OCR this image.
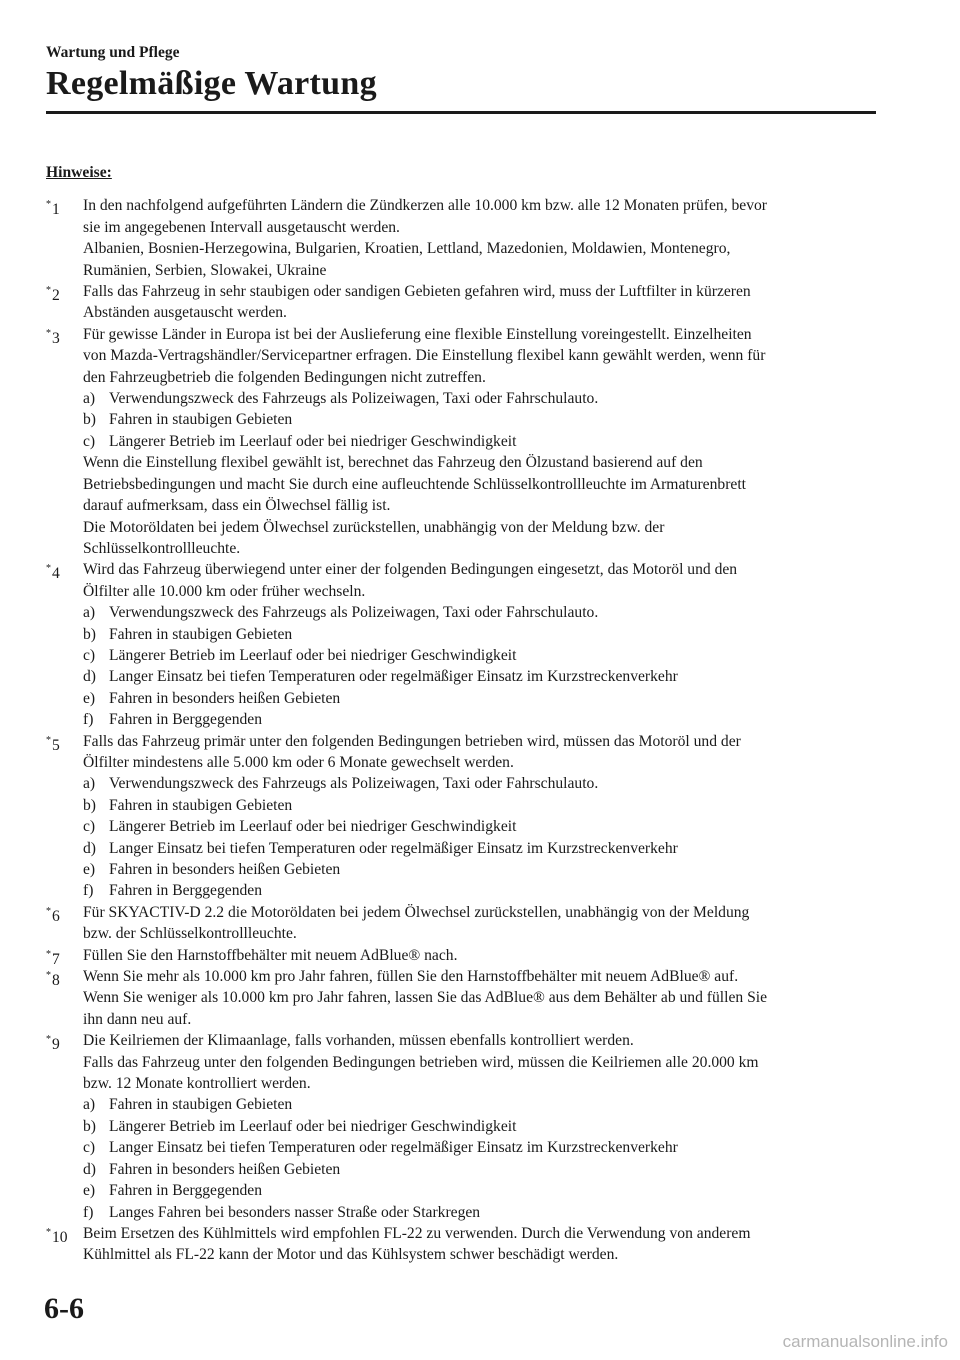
Wartung und Pflege
Regelmäßige Wartung
Hinweise:
*1 In den nachfolgend aufgeführten Ländern die Zündkerzen alle 10.000 km bzw. alle 12 Monaten prüfen, bevor
sie im angegebenen Intervall ausgetauscht werden.
Albanien, Bosnien-Herzegowina, Bulgarien, Kroatien, Lettland, Mazedonien, Moldawien, Montenegro,
Rumänien, Serbien, Slowakei, Ukraine
*2 Falls das Fahrzeug in sehr staubigen oder sandigen Gebieten gefahren wird, muss der Luftfilter in kürzeren
Abständen ausgetauscht werden.
*3 Für gewisse Länder in Europa ist bei der Auslieferung eine flexible Einstellung voreingestellt. Einzelheiten
von Mazda-Vertragshändler/Servicepartner erfragen. Die Einstellung flexibel kann gewählt werden, wenn für
den Fahrzeugbetrieb die folgenden Bedingungen nicht zutreffen.
a) Verwendungszweck des Fahrzeugs als Polizeiwagen, Taxi oder Fahrschulauto.
b) Fahren in staubigen Gebieten
c) Längerer Betrieb im Leerlauf oder bei niedriger Geschwindigkeit
Wenn die Einstellung flexibel gewählt ist, berechnet das Fahrzeug den Ölzustand basierend auf den
Betriebsbedingungen und macht Sie durch eine aufleuchtende Schlüsselkontrollleuchte im Armaturenbrett
darauf aufmerksam, dass ein Ölwechsel fällig ist.
Die Motoröldaten bei jedem Ölwechsel zurückstellen, unabhängig von der Meldung bzw. der
Schlüsselkontrollleuchte.
*4 Wird das Fahrzeug überwiegend unter einer der folgenden Bedingungen eingesetzt, das Motoröl und den
Ölfilter alle 10.000 km oder früher wechseln.
a) Verwendungszweck des Fahrzeugs als Polizeiwagen, Taxi oder Fahrschulauto.
b) Fahren in staubigen Gebieten
c) Längerer Betrieb im Leerlauf oder bei niedriger Geschwindigkeit
d) Langer Einsatz bei tiefen Temperaturen oder regelmäßiger Einsatz im Kurzstreckenverkehr
e) Fahren in besonders heißen Gebieten
f) Fahren in Berggegenden
*5 Falls das Fahrzeug primär unter den folgenden Bedingungen betrieben wird, müssen das Motoröl und der
Ölfilter mindestens alle 5.000 km oder 6 Monate gewechselt werden.
a) Verwendungszweck des Fahrzeugs als Polizeiwagen, Taxi oder Fahrschulauto.
b) Fahren in staubigen Gebieten
c) Längerer Betrieb im Leerlauf oder bei niedriger Geschwindigkeit
d) Langer Einsatz bei tiefen Temperaturen oder regelmäßiger Einsatz im Kurzstreckenverkehr
e) Fahren in besonders heißen Gebieten
f) Fahren in Berggegenden
*6 Für SKYACTIV-D 2.2 die Motoröldaten bei jedem Ölwechsel zurückstellen, unabhängig von der Meldung
bzw. der Schlüsselkontrollleuchte.
*7 Füllen Sie den Harnstoffbehälter mit neuem AdBlue® nach.
*8 Wenn Sie mehr als 10.000 km pro Jahr fahren, füllen Sie den Harnstoffbehälter mit neuem AdBlue® auf.
Wenn Sie weniger als 10.000 km pro Jahr fahren, lassen Sie das AdBlue® aus dem Behälter ab und füllen Sie
ihn dann neu auf.
*9 Die Keilriemen der Klimaanlage, falls vorhanden, müssen ebenfalls kontrolliert werden.
Falls das Fahrzeug unter den folgenden Bedingungen betrieben wird, müssen die Keilriemen alle 20.000 km
bzw. 12 Monate kontrolliert werden.
a) Fahren in staubigen Gebieten
b) Längerer Betrieb im Leerlauf oder bei niedriger Geschwindigkeit
c) Langer Einsatz bei tiefen Temperaturen oder regelmäßiger Einsatz im Kurzstreckenverkehr
d) Fahren in besonders heißen Gebieten
e) Fahren in Berggegenden
f) Langes Fahren bei besonders nasser Straße oder Starkregen
*10 Beim Ersetzen des Kühlmittels wird empfohlen FL-22 zu verwenden. Durch die Verwendung von anderem
Kühlmittel als FL-22 kann der Motor und das Kühlsystem schwer beschädigt werden.
6-6
carmanualsonline.info
